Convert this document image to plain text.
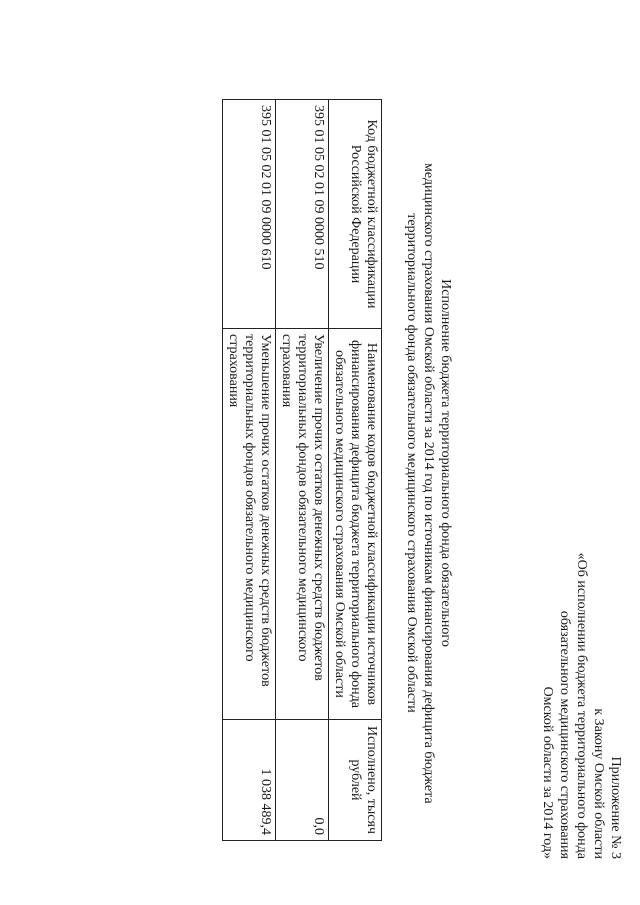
Приложение № 3
к Закону Омской области
«Об исполнении бюджета территориального фонда
обязательного медицинского страхования
Омской области за 2014 год»
Исполнение бюджета территориального фонда обязательного
медицинского страхования Омской области за 2014 год по источникам финансирования дефицита бюджета
территориального фонда обязательного медицинского страхования Омской области
Код бюджетной классификации Российской Федерации	Наименование кодов бюджетной классификации источников финансирования дефицита бюджета территориального фонда обязательного медицинского страхования Омской области	Исполнено, тысяч рублей
395 01 05 02 01 09 0000 510	Увеличение прочих остатков денежных средств бюджетов территориальных фондов обязательного медицинского страхования	0,0
395 01 05 02 01 09 0000 610	Уменьшение прочих остатков денежных средств бюджетов территориальных фондов обязательного медицинского страхования	1 038 489,4
